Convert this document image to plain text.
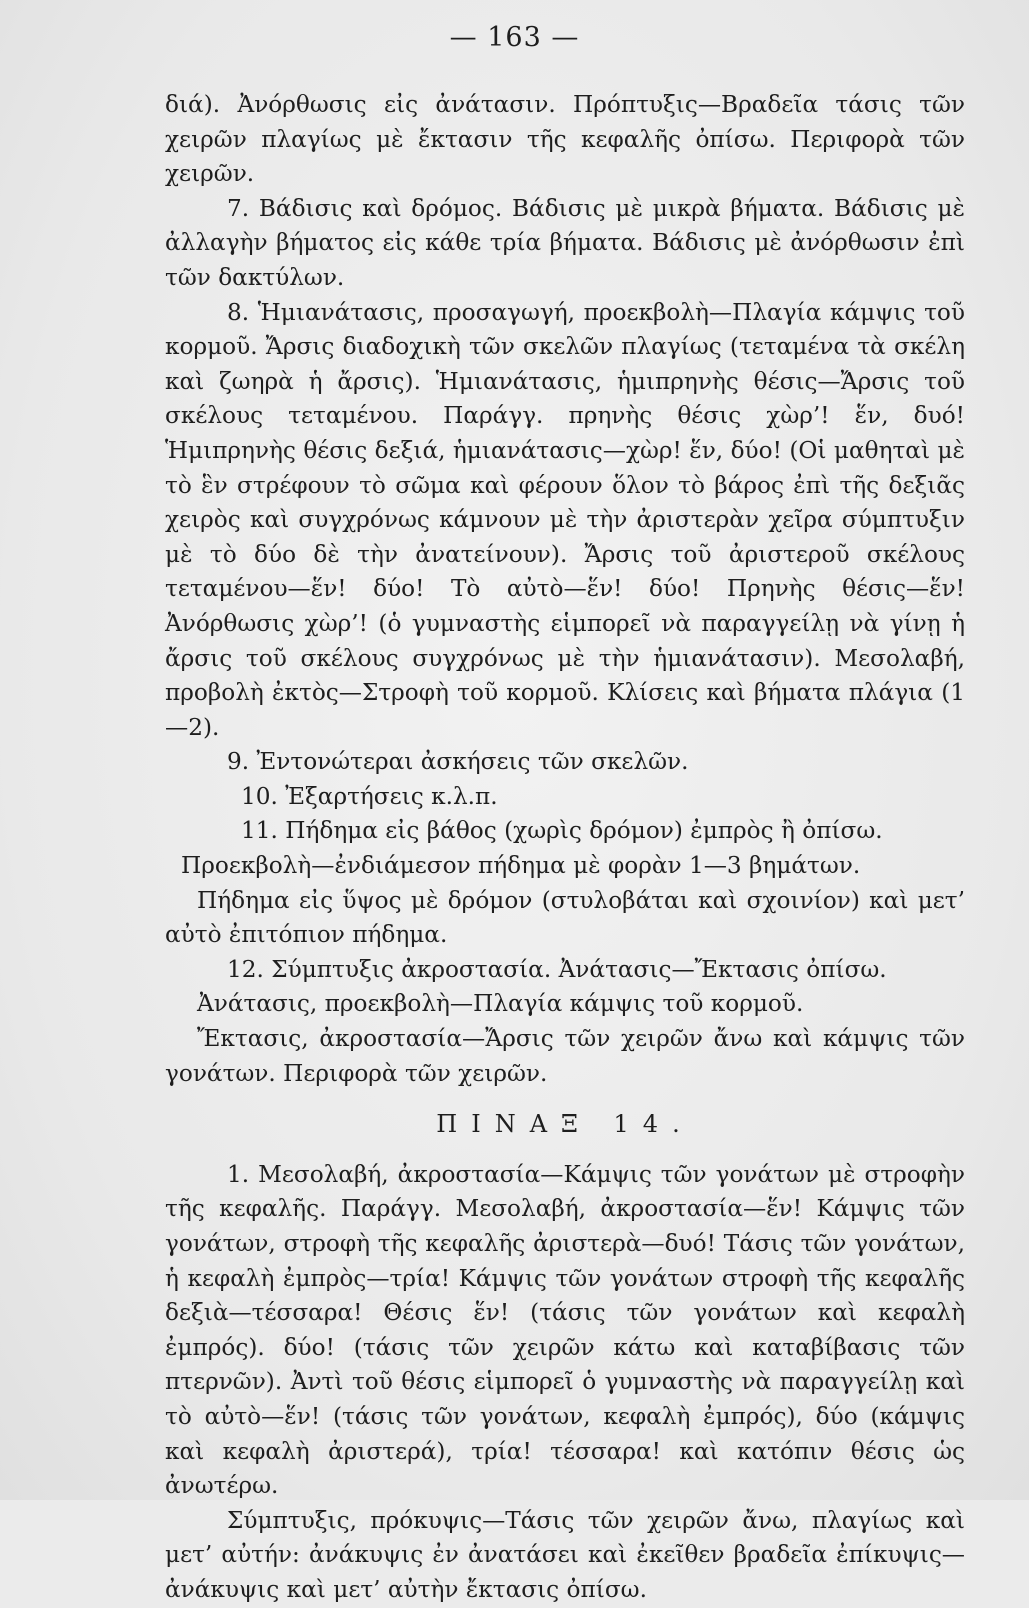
— 163 —

διά). Ἀνόρθωσις εἰς ἀνάτασιν. Πρόπτυξις—Βραδεῖα τάσις τῶν χειρῶν πλαγίως μὲ ἔκτασιν τῆς κεφαλῆς ὀπίσω. Περιφορὰ τῶν χειρῶν.

7. Βάδισις καὶ δρόμος. Βάδισις μὲ μικρὰ βήματα. Βάδισις μὲ ἀλλαγὴν βήματος εἰς κάθε τρία βήματα. Βάδισις μὲ ἀνόρθωσιν ἐπὶ τῶν δακτύλων.

8. Ἡμιανάτασις, προσαγωγή, προεκβολὴ—Πλαγία κάμψις τοῦ κορμοῦ. Ἄρσις διαδοχικὴ τῶν σκελῶν πλαγίως (τεταμένα τὰ σκέλη καὶ ζωηρὰ ἡ ἄρσις). Ἡμιανάτασις, ἡμιπρηνὴς θέσις—Ἄρσις τοῦ σκέλους τεταμένου. Παράγγ. πρηνὴς θέσις χὼρ’! ἕν, δυό! Ἡμιπρηνὴς θέσις δεξιά, ἡμιανάτασις—χὼρ! ἕν, δύο! (Οἱ μαθηταὶ μὲ τὸ ἓν στρέφουν τὸ σῶμα καὶ φέρουν ὅλον τὸ βάρος ἐπὶ τῆς δεξιᾶς χειρὸς καὶ συγχρόνως κάμνουν μὲ τὴν ἀριστερὰν χεῖρα σύμπτυξιν μὲ τὸ δύο δὲ τὴν ἀνατείνουν). Ἄρσις τοῦ ἀριστεροῦ σκέλους τεταμένου—ἕν! δύο! Τὸ αὐτὸ—ἕν! δύο! Πρηνὴς θέσις—ἕν! Ἀνόρθωσις χὼρ’! (ὁ γυμναστὴς εἱμπορεῖ νὰ παραγγείλῃ νὰ γίνῃ ἡ ἄρσις τοῦ σκέλους συγχρόνως μὲ τὴν ἡμιανάτασιν). Μεσολαβή, προβολὴ ἐκτὸς—Στροφὴ τοῦ κορμοῦ. Κλίσεις καὶ βήματα πλάγια (1—2).

9. Ἐντονώτεραι ἀσκήσεις τῶν σκελῶν.

10. Ἐξαρτήσεις κ.λ.π.

11. Πήδημα εἰς βάθος (χωρὶς δρόμον) ἐμπρὸς ἢ ὀπίσω.

Προεκβολὴ—ἐνδιάμεσον πήδημα μὲ φορὰν 1—3 βημάτων.

Πήδημα εἰς ὕψος μὲ δρόμον (στυλοβάται καὶ σχοινίον) καὶ μετ’ αὐτὸ ἐπιτόπιον πήδημα.

12. Σύμπτυξις ἀκροστασία. Ἀνάτασις—Ἔκτασις ὀπίσω.

Ἀνάτασις, προεκβολὴ—Πλαγία κάμψις τοῦ κορμοῦ.

Ἔκτασις, ἀκροστασία—Ἄρσις τῶν χειρῶν ἄνω καὶ κάμψις τῶν γονάτων. Περιφορὰ τῶν χειρῶν.

ΠΙΝΑΞ 14.

1. Μεσολαβή, ἀκροστασία—Κάμψις τῶν γονάτων μὲ στροφὴν τῆς κεφαλῆς. Παράγγ. Μεσολαβή, ἀκροστασία—ἕν! Κάμψις τῶν γονάτων, στροφὴ τῆς κεφαλῆς ἀριστερὰ—δυό! Τάσις τῶν γονάτων, ἡ κεφαλὴ ἐμπρὸς—τρία! Κάμψις τῶν γονάτων στροφὴ τῆς κεφαλῆς δεξιὰ—τέσσαρα! Θέσις ἕν! (τάσις τῶν γονάτων καὶ κεφαλὴ ἐμπρός). δύο! (τάσις τῶν χειρῶν κάτω καὶ καταβίβασις τῶν πτερνῶν). Ἀντὶ τοῦ θέσις εἱμπορεῖ ὁ γυμναστὴς νὰ παραγγείλῃ καὶ τὸ αὐτὸ—ἕν! (τάσις τῶν γονάτων, κεφαλὴ ἐμπρός), δύο (κάμψις καὶ κεφαλὴ ἀριστερά), τρία! τέσσαρα! καὶ κατόπιν θέσις ὡς ἀνωτέρω.

Σύμπτυξις, πρόκυψις—Τάσις τῶν χειρῶν ἄνω, πλαγίως καὶ μετ’ αὐτήν: ἀνάκυψις ἐν ἀνατάσει καὶ ἐκεῖθεν βραδεῖα ἐπίκυψις—ἀνάκυψις καὶ μετ’ αὐτὴν ἔκτασις ὀπίσω.
